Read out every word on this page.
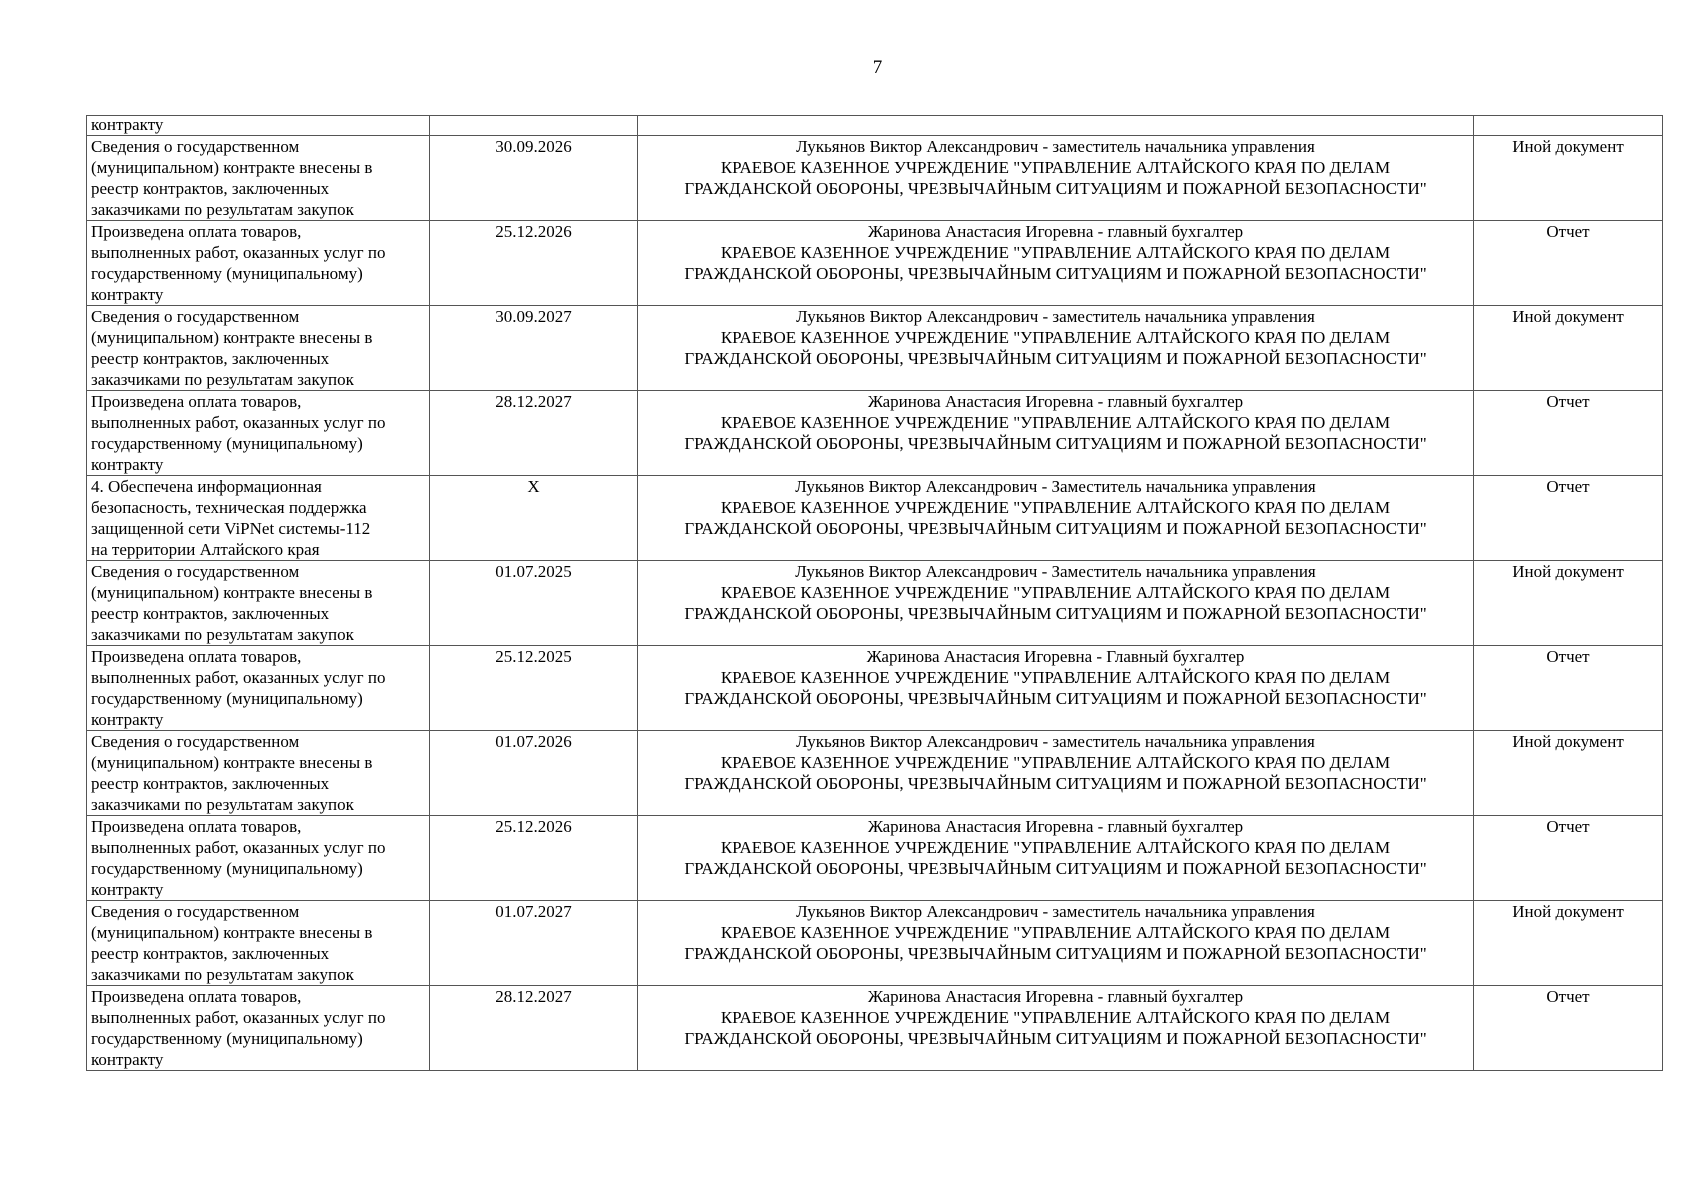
7
контракту			

Сведения о государственном
(муниципальном) контракте внесены в
реестр контрактов, заключенных
заказчиками по результатам закупок	30.09.2026	Лукьянов Виктор Александрович - заместитель начальника управления
КРАЕВОЕ КАЗЕННОЕ УЧРЕЖДЕНИЕ "УПРАВЛЕНИЕ АЛТАЙСКОГО КРАЯ ПО ДЕЛАМ
ГРАЖДАНСКОЙ ОБОРОНЫ, ЧРЕЗВЫЧАЙНЫМ СИТУАЦИЯМ И ПОЖАРНОЙ БЕЗОПАСНОСТИ"	Иной документ

Произведена оплата товаров,
выполненных работ, оказанных услуг по
государственному (муниципальному)
контракту	25.12.2026	Жаринова Анастасия Игоревна - главный бухгалтер
КРАЕВОЕ КАЗЕННОЕ УЧРЕЖДЕНИЕ "УПРАВЛЕНИЕ АЛТАЙСКОГО КРАЯ ПО ДЕЛАМ
ГРАЖДАНСКОЙ ОБОРОНЫ, ЧРЕЗВЫЧАЙНЫМ СИТУАЦИЯМ И ПОЖАРНОЙ БЕЗОПАСНОСТИ"	Отчет

Сведения о государственном
(муниципальном) контракте внесены в
реестр контрактов, заключенных
заказчиками по результатам закупок	30.09.2027	Лукьянов Виктор Александрович - заместитель начальника управления
КРАЕВОЕ КАЗЕННОЕ УЧРЕЖДЕНИЕ "УПРАВЛЕНИЕ АЛТАЙСКОГО КРАЯ ПО ДЕЛАМ
ГРАЖДАНСКОЙ ОБОРОНЫ, ЧРЕЗВЫЧАЙНЫМ СИТУАЦИЯМ И ПОЖАРНОЙ БЕЗОПАСНОСТИ"	Иной документ

Произведена оплата товаров,
выполненных работ, оказанных услуг по
государственному (муниципальному)
контракту	28.12.2027	Жаринова Анастасия Игоревна - главный бухгалтер
КРАЕВОЕ КАЗЕННОЕ УЧРЕЖДЕНИЕ "УПРАВЛЕНИЕ АЛТАЙСКОГО КРАЯ ПО ДЕЛАМ
ГРАЖДАНСКОЙ ОБОРОНЫ, ЧРЕЗВЫЧАЙНЫМ СИТУАЦИЯМ И ПОЖАРНОЙ БЕЗОПАСНОСТИ"	Отчет

4. Обеспечена информационная
безопасность, техническая поддержка
защищенной сети ViPNet системы-112
на территории Алтайского края	X	Лукьянов Виктор Александрович - Заместитель начальника управления
КРАЕВОЕ КАЗЕННОЕ УЧРЕЖДЕНИЕ "УПРАВЛЕНИЕ АЛТАЙСКОГО КРАЯ ПО ДЕЛАМ
ГРАЖДАНСКОЙ ОБОРОНЫ, ЧРЕЗВЫЧАЙНЫМ СИТУАЦИЯМ И ПОЖАРНОЙ БЕЗОПАСНОСТИ"	Отчет

Сведения о государственном
(муниципальном) контракте внесены в
реестр контрактов, заключенных
заказчиками по результатам закупок	01.07.2025	Лукьянов Виктор Александрович - Заместитель начальника управления
КРАЕВОЕ КАЗЕННОЕ УЧРЕЖДЕНИЕ "УПРАВЛЕНИЕ АЛТАЙСКОГО КРАЯ ПО ДЕЛАМ
ГРАЖДАНСКОЙ ОБОРОНЫ, ЧРЕЗВЫЧАЙНЫМ СИТУАЦИЯМ И ПОЖАРНОЙ БЕЗОПАСНОСТИ"	Иной документ

Произведена оплата товаров,
выполненных работ, оказанных услуг по
государственному (муниципальному)
контракту	25.12.2025	Жаринова Анастасия Игоревна - Главный бухгалтер
КРАЕВОЕ КАЗЕННОЕ УЧРЕЖДЕНИЕ "УПРАВЛЕНИЕ АЛТАЙСКОГО КРАЯ ПО ДЕЛАМ
ГРАЖДАНСКОЙ ОБОРОНЫ, ЧРЕЗВЫЧАЙНЫМ СИТУАЦИЯМ И ПОЖАРНОЙ БЕЗОПАСНОСТИ"	Отчет

Сведения о государственном
(муниципальном) контракте внесены в
реестр контрактов, заключенных
заказчиками по результатам закупок	01.07.2026	Лукьянов Виктор Александрович - заместитель начальника управления
КРАЕВОЕ КАЗЕННОЕ УЧРЕЖДЕНИЕ "УПРАВЛЕНИЕ АЛТАЙСКОГО КРАЯ ПО ДЕЛАМ
ГРАЖДАНСКОЙ ОБОРОНЫ, ЧРЕЗВЫЧАЙНЫМ СИТУАЦИЯМ И ПОЖАРНОЙ БЕЗОПАСНОСТИ"	Иной документ

Произведена оплата товаров,
выполненных работ, оказанных услуг по
государственному (муниципальному)
контракту	25.12.2026	Жаринова Анастасия Игоревна - главный бухгалтер
КРАЕВОЕ КАЗЕННОЕ УЧРЕЖДЕНИЕ "УПРАВЛЕНИЕ АЛТАЙСКОГО КРАЯ ПО ДЕЛАМ
ГРАЖДАНСКОЙ ОБОРОНЫ, ЧРЕЗВЫЧАЙНЫМ СИТУАЦИЯМ И ПОЖАРНОЙ БЕЗОПАСНОСТИ"	Отчет

Сведения о государственном
(муниципальном) контракте внесены в
реестр контрактов, заключенных
заказчиками по результатам закупок	01.07.2027	Лукьянов Виктор Александрович - заместитель начальника управления
КРАЕВОЕ КАЗЕННОЕ УЧРЕЖДЕНИЕ "УПРАВЛЕНИЕ АЛТАЙСКОГО КРАЯ ПО ДЕЛАМ
ГРАЖДАНСКОЙ ОБОРОНЫ, ЧРЕЗВЫЧАЙНЫМ СИТУАЦИЯМ И ПОЖАРНОЙ БЕЗОПАСНОСТИ"	Иной документ

Произведена оплата товаров,
выполненных работ, оказанных услуг по
государственному (муниципальному)
контракту	28.12.2027	Жаринова Анастасия Игоревна - главный бухгалтер
КРАЕВОЕ КАЗЕННОЕ УЧРЕЖДЕНИЕ "УПРАВЛЕНИЕ АЛТАЙСКОГО КРАЯ ПО ДЕЛАМ
ГРАЖДАНСКОЙ ОБОРОНЫ, ЧРЕЗВЫЧАЙНЫМ СИТУАЦИЯМ И ПОЖАРНОЙ БЕЗОПАСНОСТИ"	Отчет
